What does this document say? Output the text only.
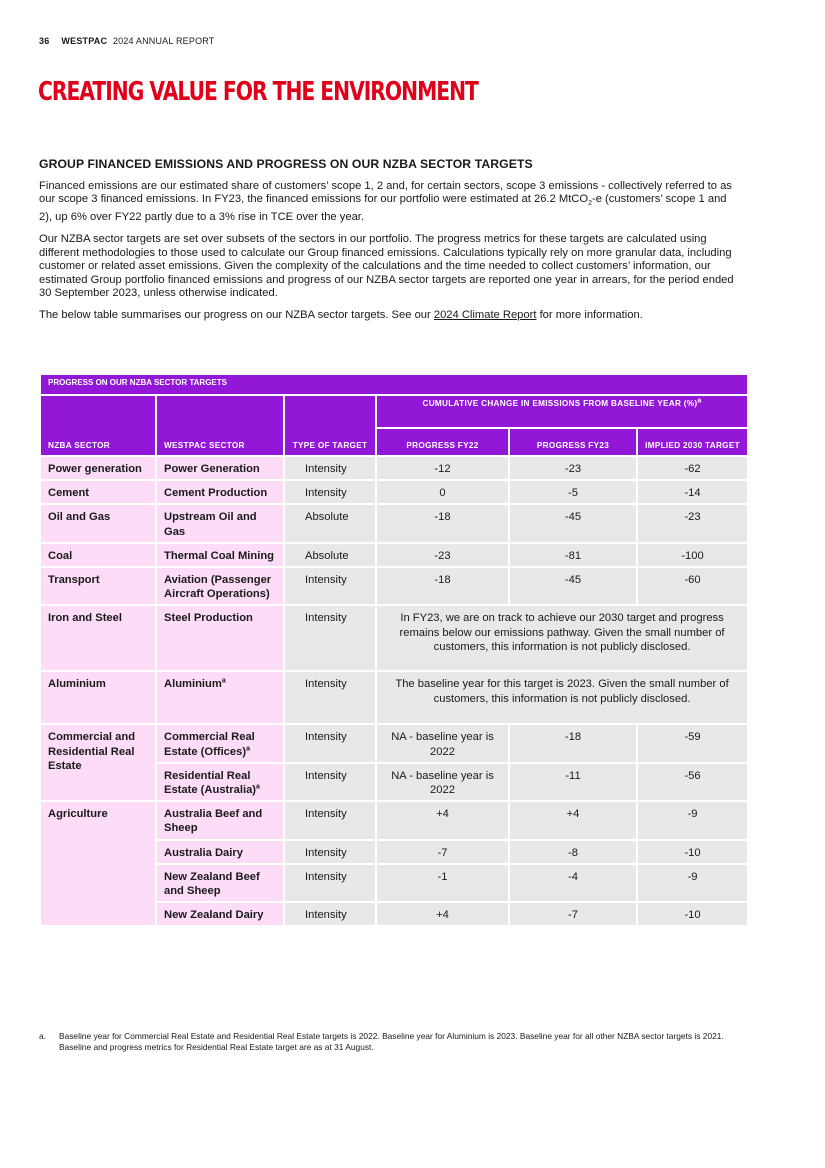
36 WESTPAC 2024 ANNUAL REPORT
CREATING VALUE FOR THE ENVIRONMENT
GROUP FINANCED EMISSIONS AND PROGRESS ON OUR NZBA SECTOR TARGETS

Financed emissions are our estimated share of customers’ scope 1, 2 and, for certain sectors, scope 3 emissions - collectively referred to as our scope 3 financed emissions. In FY23, the financed emissions for our portfolio were estimated at 26.2 MtCO$_2$-e (customers’ scope 1 and 2), up 6% over FY22 partly due to a 3% rise in TCE over the year.

Our NZBA sector targets are set over subsets of the sectors in our portfolio. The progress metrics for these targets are calculated using different methodologies to those used to calculate our Group financed emissions. Calculations typically rely on more granular data, including customer or related asset emissions. Given the complexity of the calculations and the time needed to collect customers’ information, our estimated Group portfolio financed emissions and progress of our NZBA sector targets are reported one year in arrears, for the period ended 30 September 2023, unless otherwise indicated.

The below table summarises our progress on our NZBA sector targets. See our 2024 Climate Report for more information.

PROGRESS ON OUR NZBA SECTOR TARGETS					
NZBA SECTOR	WESTPAC SECTOR	TYPE OF TARGET	CUMULATIVE CHANGE IN EMISSIONS FROM BASELINE YEAR (%)$^a$
			PROGRESS FY22	PROGRESS FY23	IMPLIED 2030 TARGET
Power generation	Power Generation	Intensity	-12	-23	-62
Cement	Cement Production	Intensity	0	-5	-14
Oil and Gas	Upstream Oil and Gas	Absolute	-18	-45	-23
Coal	Thermal Coal Mining	Absolute	-23	-81	-100
Transport	Aviation (Passenger Aircraft Operations)	Intensity	-18	-45	-60
Iron and Steel	Steel Production	Intensity	In FY23, we are on track to achieve our 2030 target and progress remains below our emissions pathway. Given the small number of customers, this information is not publicly disclosed.		
Aluminium	Aluminium$^a$	Intensity	The baseline year for this target is 2023. Given the small number of customers, this information is not publicly disclosed.		
Commercial and Residential Real Estate	Commercial Real Estate (Offices)$^a$	Intensity	NA - baseline year is 2022	-18	-59
	Residential Real Estate (Australia)$^a$	Intensity	NA - baseline year is 2022	-11	-56
Agriculture	Australia Beef and Sheep	Intensity	+4	+4	-9
	Australia Dairy	Intensity	-7	-8	-10
	New Zealand Beef and Sheep	Intensity	-1	-4	-9
	New Zealand Dairy	Intensity	+4	-7	-10
a. Baseline year for Commercial Real Estate and Residential Real Estate targets is 2022. Baseline year for Aluminium is 2023. Baseline year for all other NZBA sector targets is 2021. Baseline and progress metrics for Residential Real Estate target are as at 31 August.
